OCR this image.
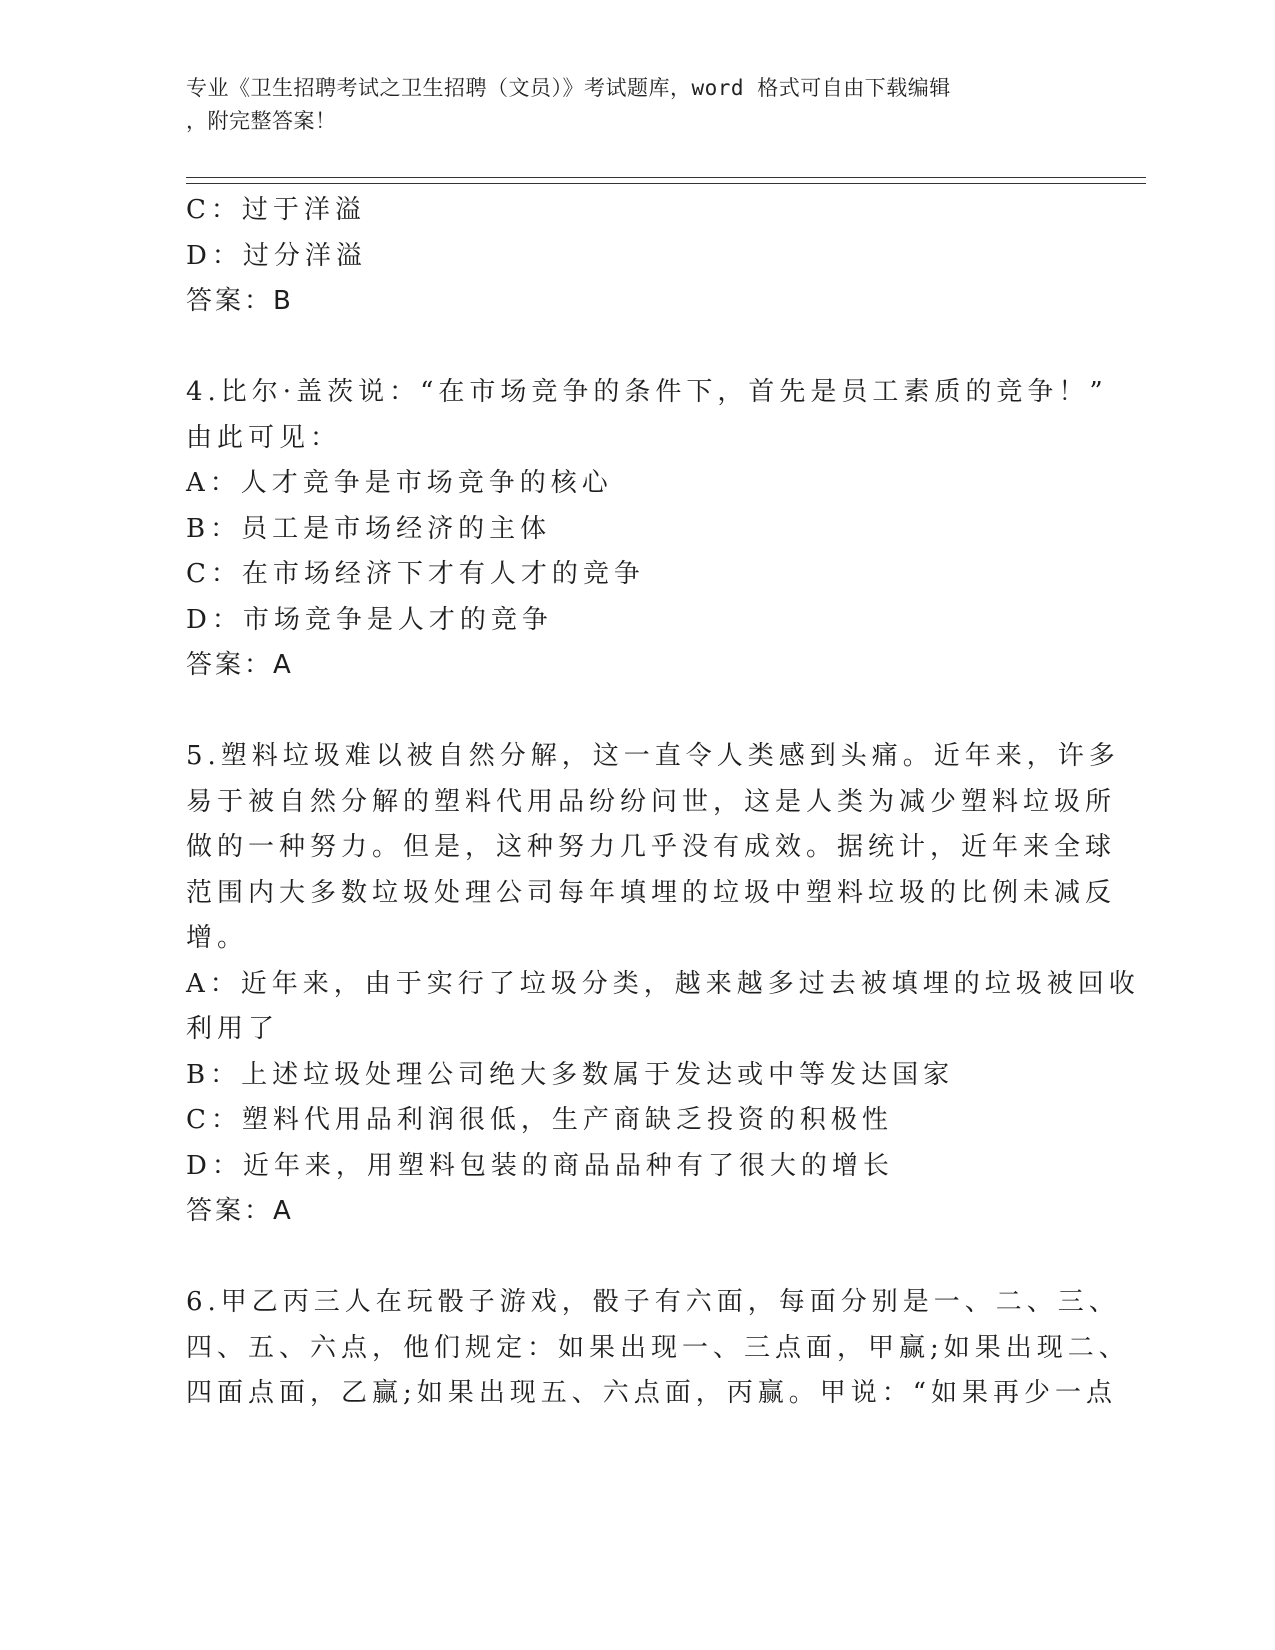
专业《卫生招聘考试之卫生招聘（文员）》考试题库，word 格式可自由下载编辑
，附完整答案！
C：过于洋溢
D：过分洋溢
答案：B
4.比尔·盖茨说：“在市场竞争的条件下，首先是员工素质的竞争！”
由此可见：
A：人才竞争是市场竞争的核心
B：员工是市场经济的主体
C：在市场经济下才有人才的竞争
D：市场竞争是人才的竞争
答案：A
5.塑料垃圾难以被自然分解，这一直令人类感到头痛。近年来，许多
易于被自然分解的塑料代用品纷纷问世，这是人类为减少塑料垃圾所
做的一种努力。但是，这种努力几乎没有成效。据统计，近年来全球
范围内大多数垃圾处理公司每年填埋的垃圾中塑料垃圾的比例未减反
增。
A：近年来，由于实行了垃圾分类，越来越多过去被填埋的垃圾被回收
利用了
B：上述垃圾处理公司绝大多数属于发达或中等发达国家
C：塑料代用品利润很低，生产商缺乏投资的积极性
D：近年来，用塑料包装的商品品种有了很大的增长
答案：A
6.甲乙丙三人在玩骰子游戏，骰子有六面，每面分别是一、二、三、
四、五、六点，他们规定：如果出现一、三点面，甲赢;如果出现二、
四面点面，乙赢;如果出现五、六点面，丙赢。甲说：“如果再少一点
